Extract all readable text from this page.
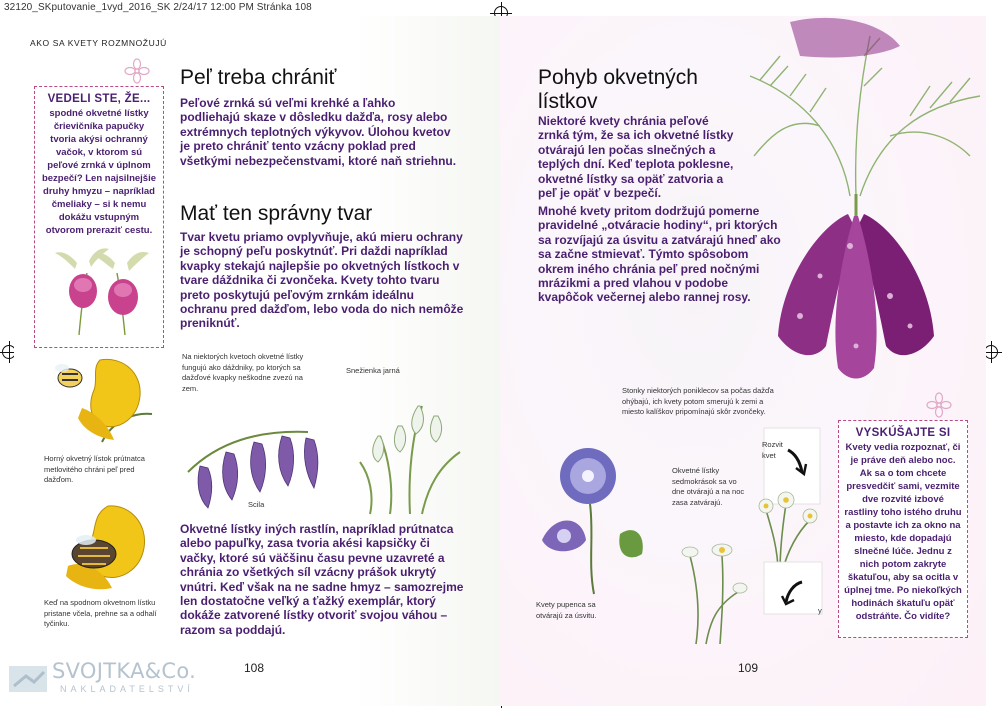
32120_SKputovanie_1vyd_2016_SK 2/24/17 12:00 PM Stránka 108
AKO SA KVETY ROZMNOŽUJÚ
Peľ treba chrániť
Peľové zrnká sú veľmi krehké a ľahko podliehajú skaze v dôsledku dažďa, rosy alebo extrémnych teplotných výkyvov. Úlohou kvetov je preto chrániť tento vzácny poklad pred všetkými nebezpečenstvami, ktoré naň striehnu.
Mať ten správny tvar
Tvar kvetu priamo ovplyvňuje, akú mieru ochrany je schopný peľu poskytnúť. Pri daždi napríklad kvapky stekajú najlepšie po okvetných lístkoch v tvare dáždnika či zvončeka. Kvety tohto tvaru preto poskytujú peľovým zrnkám ideálnu ochranu pred dažďom, lebo voda do nich nemôže preniknúť.
VEDELI STE, ŽE...
spodné okvetné lístky črievičníka papučky tvoria akýsi ochranný vačok, v ktorom sú peľové zrnká v úplnom bezpečí? Len najsilnejšie druhy hmyzu – napríklad čmeliaky – si k nemu dokážu vstupným otvorom preraziť cestu.
Na niektorých kvetoch okvetné lístky fungujú ako dáždniky, po ktorých sa dažďové kvapky neškodne zvezú na zem.
Snežienka jarná
Scila
Horný okvetný lístok prútnatca metlovitého chráni peľ pred dažďom.
Keď na spodnom okvetnom lístku pristane včela, prehne sa a odhalí tyčinku.
Okvetné lístky iných rastlín, napríklad prútnatca alebo papuľky, zasa tvoria akési kapsičky či vačky, ktoré sú väčšinu času pevne uzavreté a chránia zo všetkých síl vzácny prášok ukrytý vnútri. Keď však na ne sadne hmyz – samozrejme len dostatočne veľký a ťažký exemplár, ktorý dokáže zatvorené lístky otvoriť svojou váhou – razom sa poddajú.
108
SVOJTKA&Co.
NAKLADATELSTVÍ
Pohyb okvetných lístkov
Niektoré kvety chránia peľové zrnká tým, že sa ich okvetné lístky otvárajú len počas slnečných a teplých dní. Keď teplota poklesne, okvetné lístky sa opäť zatvoria a peľ je opäť v bezpečí.
Mnohé kvety pritom dodržujú pomerne pravidelné „otváracie hodiny“, pri ktorých sa rozvíjajú za úsvitu a zatvárajú hneď ako sa začne stmievať. Týmto spôsobom okrem iného chránia peľ pred nočnými mrázikmi a pred vlahou v podobe kvapôčok večernej alebo rannej rosy.
Stonky niektorých poniklecov sa počas dažďa ohýbajú, ich kvety potom smerujú k zemi a miesto kalíškov pripomínajú skôr zvončeky.
Kvety pupenca sa otvárajú za úsvitu.
Okvetné lístky sedmokrások sa vo dne otvárajú a na noc zasa zatvárajú.
Rozvit kvet
y
VYSKÚŠAJTE SI
Kvety vedia rozpoznať, či je práve deň alebo noc. Ak sa o tom chcete presvedčiť sami, vezmite dve rozvité izbové rastliny toho istého druhu a postavte ich za okno na miesto, kde dopadajú slnečné lúče. Jednu z nich potom zakryte škatuľou, aby sa ocitla v úplnej tme. Po niekoľkých hodinách škatuľu opäť odstráňte. Čo vidíte?
109
